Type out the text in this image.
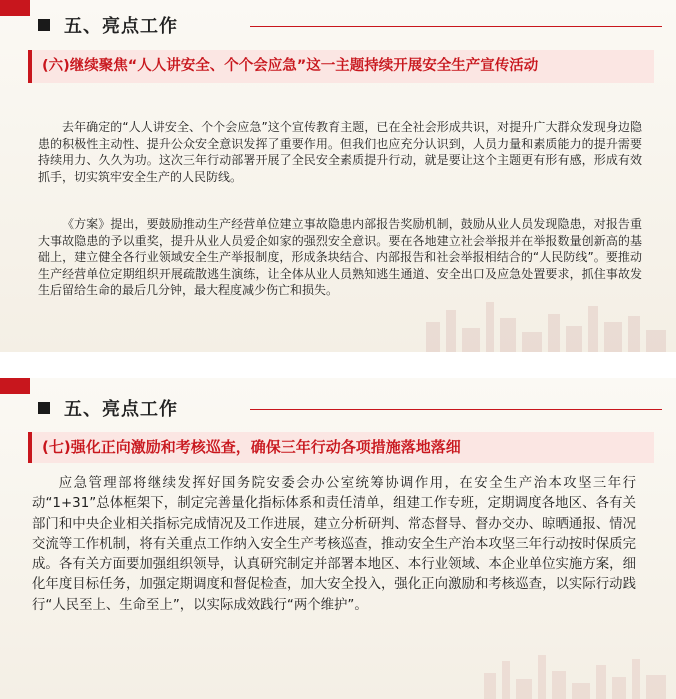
五、亮点工作
(六)继续聚焦“人人讲安全、个个会应急”这一主题持续开展安全生产宣传活动

去年确定的“人人讲安全、个个会应急”这个宣传教育主题，已在全社会形成共识，对提升广大群众发现身边隐患的积极性主动性、提升公众安全意识发挥了重要作用。但我们也应充分认识到，人员力量和素质能力的提升需要持续用力、久久为功。这次三年行动部署开展了全民安全素质提升行动，就是要让这个主题更有形有感，形成有效抓手，切实筑牢安全生产的人民防线。

《方案》提出，要鼓励推动生产经营单位建立事故隐患内部报告奖励机制，鼓励从业人员发现隐患，对报告重大事故隐患的予以重奖，提升从业人员爱企如家的强烈安全意识。要在各地建立社会举报并在举报数量创新高的基础上，建立健全各行业领域安全生产举报制度，形成条块结合、内部报告和社会举报相结合的“人民防线”。要推动生产经营单位定期组织开展疏散逃生演练，让全体从业人员熟知逃生通道、安全出口及应急处置要求，抓住事故发生后留给生命的最后几分钟，最大程度减少伤亡和损失。

五、亮点工作
(七)强化正向激励和考核巡查，确保三年行动各项措施落地落细

应急管理部将继续发挥好国务院安委会办公室统筹协调作用，在安全生产治本攻坚三年行动“1+31”总体框架下，制定完善量化指标体系和责任清单，组建工作专班，定期调度各地区、各有关部门和中央企业相关指标完成情况及工作进展，建立分析研判、常态督导、督办交办、晾晒通报、情况交流等工作机制，将有关重点工作纳入安全生产考核巡查，推动安全生产治本攻坚三年行动按时保质完成。各有关方面要加强组织领导，认真研究制定并部署本地区、本行业领域、本企业单位实施方案，细化年度目标任务，加强定期调度和督促检查，加大安全投入，强化正向激励和考核巡查，以实际行动践行“人民至上、生命至上”，以实际成效践行“两个维护”。
